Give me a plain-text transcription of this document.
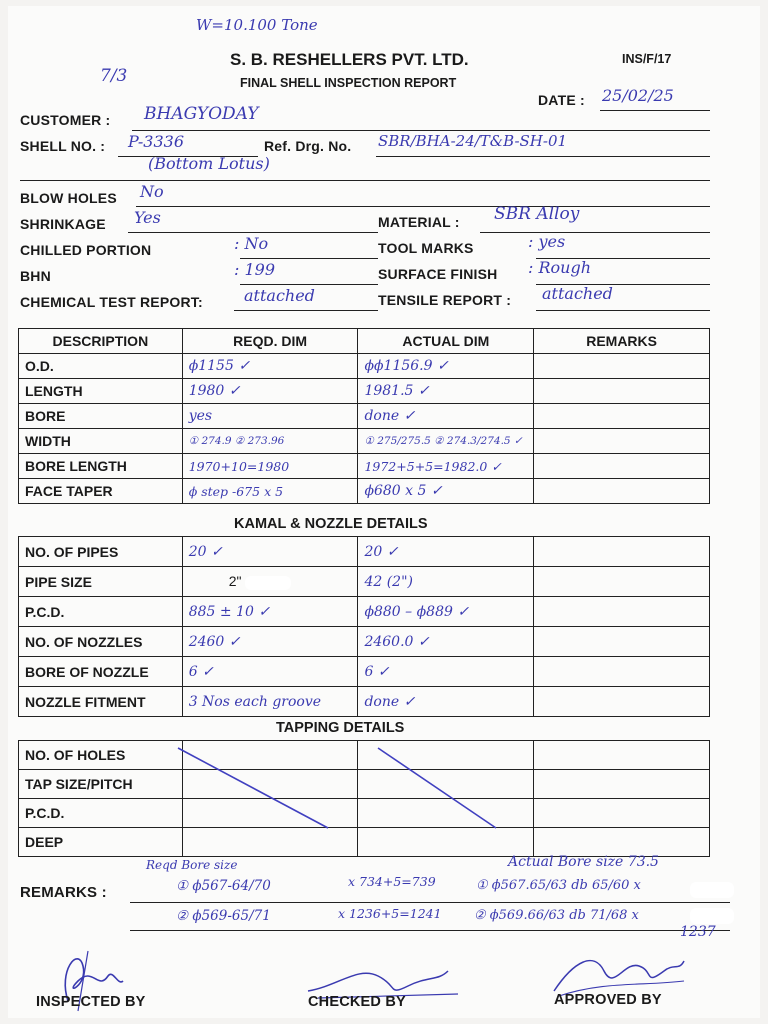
W=10.100 Tone
7/3
S. B. RESHELLERS PVT. LTD.
FINAL SHELL INSPECTION REPORT
INS/F/17
DATE : 25/02/25
CUSTOMER : BHAGYODAY
SHELL NO. : P-3336	Ref. Drg. No. SBR/BHA-24/T&B-SH-01
(Bottom Lotus)
BLOW HOLES No
SHRINKAGE Yes	MATERIAL : SBR Alloy
CHILLED PORTION	: No	TOOL MARKS	: yes
BHN	: 199	SURFACE FINISH : Rough
CHEMICAL TEST REPORT:	attached	TENSILE REPORT : attached
DESCRIPTION	REQD. DIM	ACTUAL DIM	REMARKS
O.D.	ϕ1155 ✓	ϕϕ1156.9 ✓	
LENGTH	1980 ✓	1981.5 ✓	
BORE	yes	done ✓	
WIDTH	① 274.9 ② 273.96	① 275/275.5 ② 274.3/274.5 ✓	
BORE LENGTH	1970+10=1980	1972+5+5=1982.0 ✓	
FACE TAPER	ϕ step -675 x 5	ϕ680 x 5 ✓	
KAMAL & NOZZLE DETAILS
NO. OF PIPES	20 ✓	20 ✓	
PIPE SIZE	2"	42 (2")	
P.C.D.	885 ± 10 ✓	ϕ880 – ϕ889 ✓	
NO. OF NOZZLES	2460 ✓	2460.0 ✓	
BORE OF NOZZLE	6 ✓	6 ✓	
NOZZLE FITMENT	3 Nos each groove	done ✓	
TAPPING DETAILS
NO. OF HOLES			
TAP SIZE/PITCH			
P.C.D.			
DEEP			
Reqd Bore size	Actual Bore size 73.5
REMARKS :	① ϕ567-64/70	x 734+5=739	① ϕ567.65/63 db 65/60 x
② ϕ569-65/71	x 1236+5=1241 ② ϕ569.66/63 db 71/68 x
1237
INSPECTED BY	CHECKED BY	APPROVED BY
